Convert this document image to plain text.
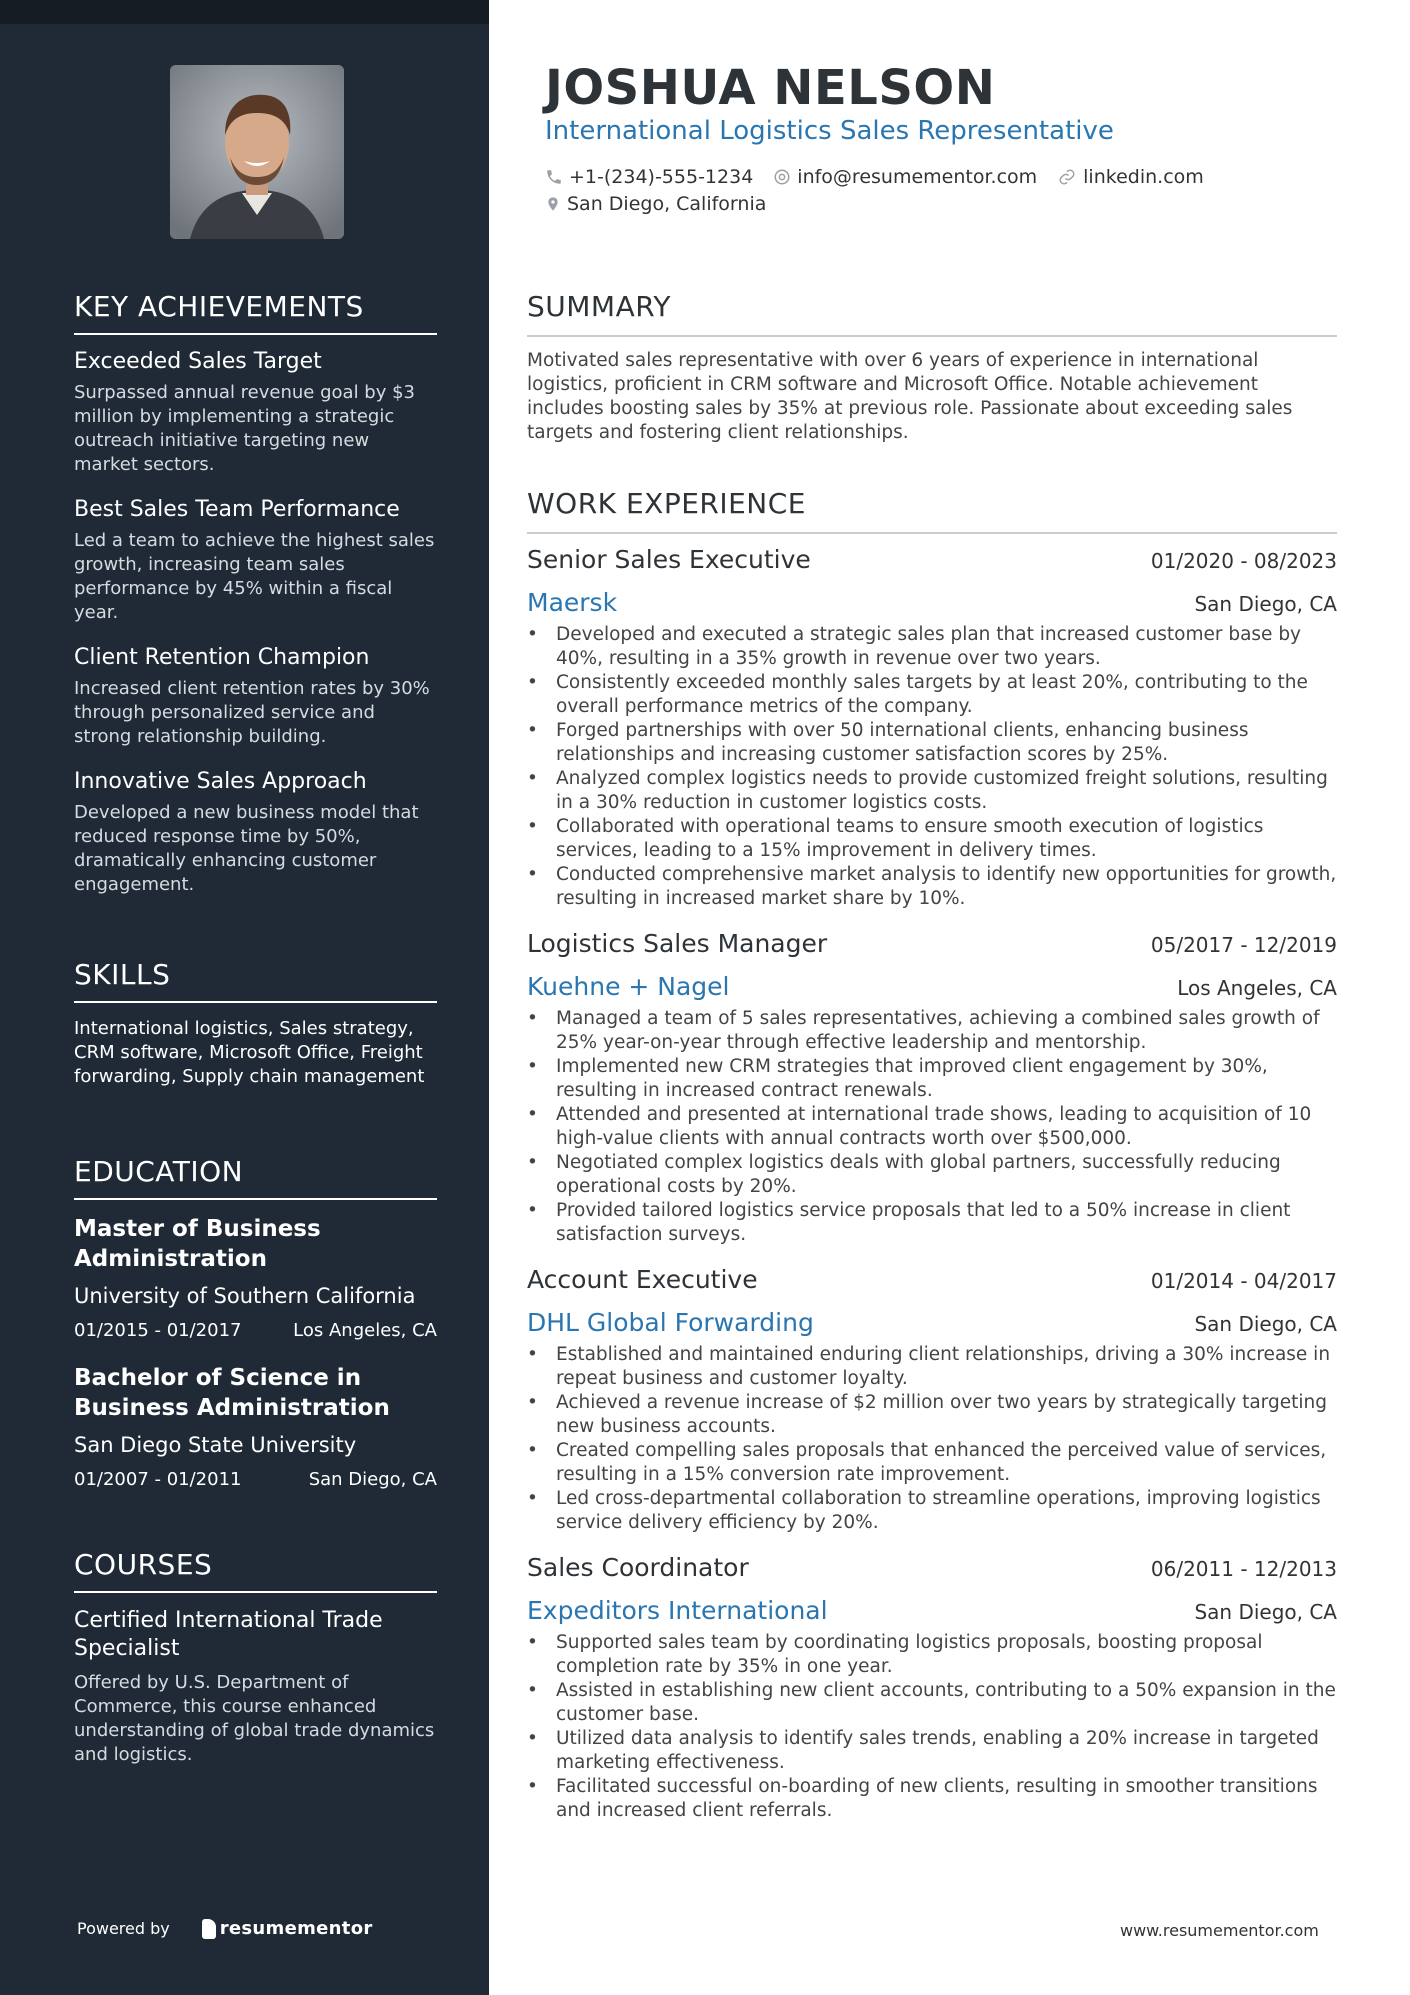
KEY ACHIEVEMENTS
Exceeded Sales Target
Surpassed annual revenue goal by $3 million by implementing a strategic outreach initiative targeting new market sectors.
Best Sales Team Performance
Led a team to achieve the highest sales growth, increasing team sales performance by 45% within a fiscal year.
Client Retention Champion
Increased client retention rates by 30% through personalized service and strong relationship building.
Innovative Sales Approach
Developed a new business model that reduced response time by 50%, dramatically enhancing customer engagement.
SKILLS
International logistics, Sales strategy, CRM software, Microsoft Office, Freight forwarding, Supply chain management
EDUCATION
Master of Business Administration
University of Southern California
01/2015 - 01/2017	Los Angeles, CA
Bachelor of Science in Business Administration
San Diego State University
01/2007 - 01/2011	San Diego, CA
COURSES
Certified International Trade Specialist
Offered by U.S. Department of Commerce, this course enhanced understanding of global trade dynamics and logistics.
Powered by	resumementor
JOSHUA NELSON
International Logistics Sales Representative
+1-(234)-555-1234 info@resumementor.com linkedin.com
San Diego, California
SUMMARY
Motivated sales representative with over 6 years of experience in international logistics, proficient in CRM software and Microsoft Office. Notable achievement includes boosting sales by 35% at previous role. Passionate about exceeding sales targets and fostering client relationships.
WORK EXPERIENCE
Senior Sales Executive	01/2020 - 08/2023
Maersk	San Diego, CA
• Developed and executed a strategic sales plan that increased customer base by 40%, resulting in a 35% growth in revenue over two years.
• Consistently exceeded monthly sales targets by at least 20%, contributing to the overall performance metrics of the company.
• Forged partnerships with over 50 international clients, enhancing business relationships and increasing customer satisfaction scores by 25%.
• Analyzed complex logistics needs to provide customized freight solutions, resulting in a 30% reduction in customer logistics costs.
• Collaborated with operational teams to ensure smooth execution of logistics services, leading to a 15% improvement in delivery times.
• Conducted comprehensive market analysis to identify new opportunities for growth, resulting in increased market share by 10%.
Logistics Sales Manager	05/2017 - 12/2019
Kuehne + Nagel	Los Angeles, CA
• Managed a team of 5 sales representatives, achieving a combined sales growth of 25% year-on-year through effective leadership and mentorship.
• Implemented new CRM strategies that improved client engagement by 30%, resulting in increased contract renewals.
• Attended and presented at international trade shows, leading to acquisition of 10 high-value clients with annual contracts worth over $500,000.
• Negotiated complex logistics deals with global partners, successfully reducing operational costs by 20%.
• Provided tailored logistics service proposals that led to a 50% increase in client satisfaction surveys.
Account Executive	01/2014 - 04/2017
DHL Global Forwarding	San Diego, CA
• Established and maintained enduring client relationships, driving a 30% increase in repeat business and customer loyalty.
• Achieved a revenue increase of $2 million over two years by strategically targeting new business accounts.
• Created compelling sales proposals that enhanced the perceived value of services, resulting in a 15% conversion rate improvement.
• Led cross-departmental collaboration to streamline operations, improving logistics service delivery efficiency by 20%.
Sales Coordinator	06/2011 - 12/2013
Expeditors International	San Diego, CA
• Supported sales team by coordinating logistics proposals, boosting proposal completion rate by 35% in one year.
• Assisted in establishing new client accounts, contributing to a 50% expansion in the customer base.
• Utilized data analysis to identify sales trends, enabling a 20% increase in targeted marketing effectiveness.
• Facilitated successful on-boarding of new clients, resulting in smoother transitions and increased client referrals.
www.resumementor.com
